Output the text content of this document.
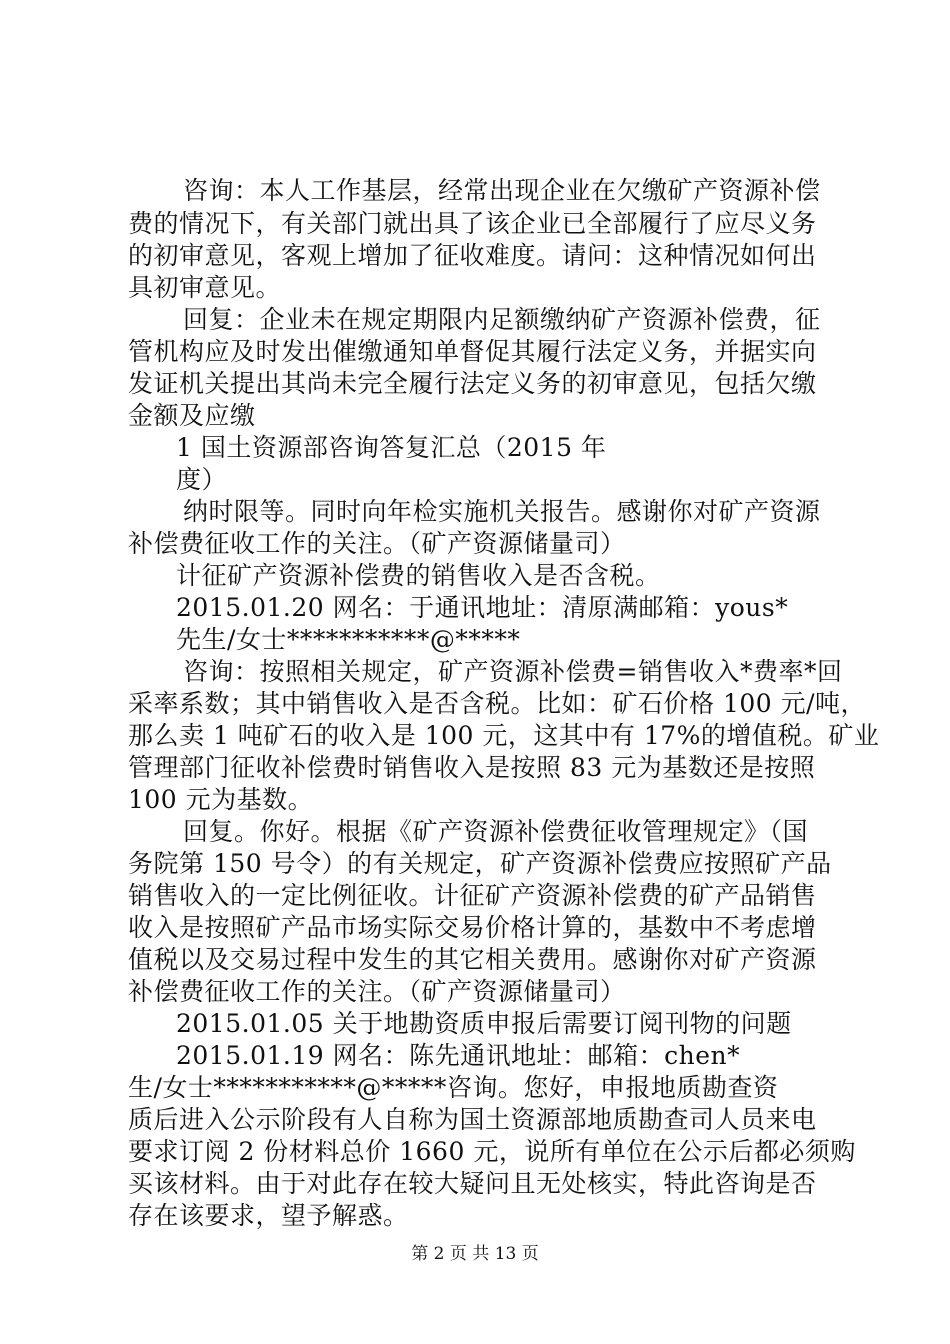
咨询：本人工作基层，经常出现企业在欠缴矿产资源补偿
费的情况下，有关部门就出具了该企业已全部履行了应尽义务
的初审意见，客观上增加了征收难度。请问：这种情况如何出
具初审意见。
回复：企业未在规定期限内足额缴纳矿产资源补偿费，征
管机构应及时发出催缴通知单督促其履行法定义务，并据实向
发证机关提出其尚未完全履行法定义务的初审意见，包括欠缴
金额及应缴
1 国土资源部咨询答复汇总（2015 年
度）
纳时限等。同时向年检实施机关报告。感谢你对矿产资源
补偿费征收工作的关注。（矿产资源储量司）
计征矿产资源补偿费的销售收入是否含税。
2015.01.20 网名：于通讯地址：清原满邮箱：yous*
先生/女士***********@*****
咨询：按照相关规定，矿产资源补偿费=销售收入*费率*回
采率系数；其中销售收入是否含税。比如：矿石价格 100 元/吨，
那么卖 1 吨矿石的收入是 100 元，这其中有 17%的增值税。矿业
管理部门征收补偿费时销售收入是按照 83 元为基数还是按照
100 元为基数。
回复。你好。根据《矿产资源补偿费征收管理规定》（国
务院第 150 号令）的有关规定，矿产资源补偿费应按照矿产品
销售收入的一定比例征收。计征矿产资源补偿费的矿产品销售
收入是按照矿产品市场实际交易价格计算的，基数中不考虑增
值税以及交易过程中发生的其它相关费用。感谢你对矿产资源
补偿费征收工作的关注。（矿产资源储量司）
2015.01.05 关于地勘资质申报后需要订阅刊物的问题
2015.01.19 网名：陈先通讯地址：邮箱：chen*
生/女士***********@*****咨询。您好，申报地质勘查资
质后进入公示阶段有人自称为国土资源部地质勘查司人员来电
要求订阅 2 份材料总价 1660 元，说所有单位在公示后都必须购
买该材料。由于对此存在较大疑问且无处核实，特此咨询是否
存在该要求，望予解惑。
第 2 页 共 13 页
